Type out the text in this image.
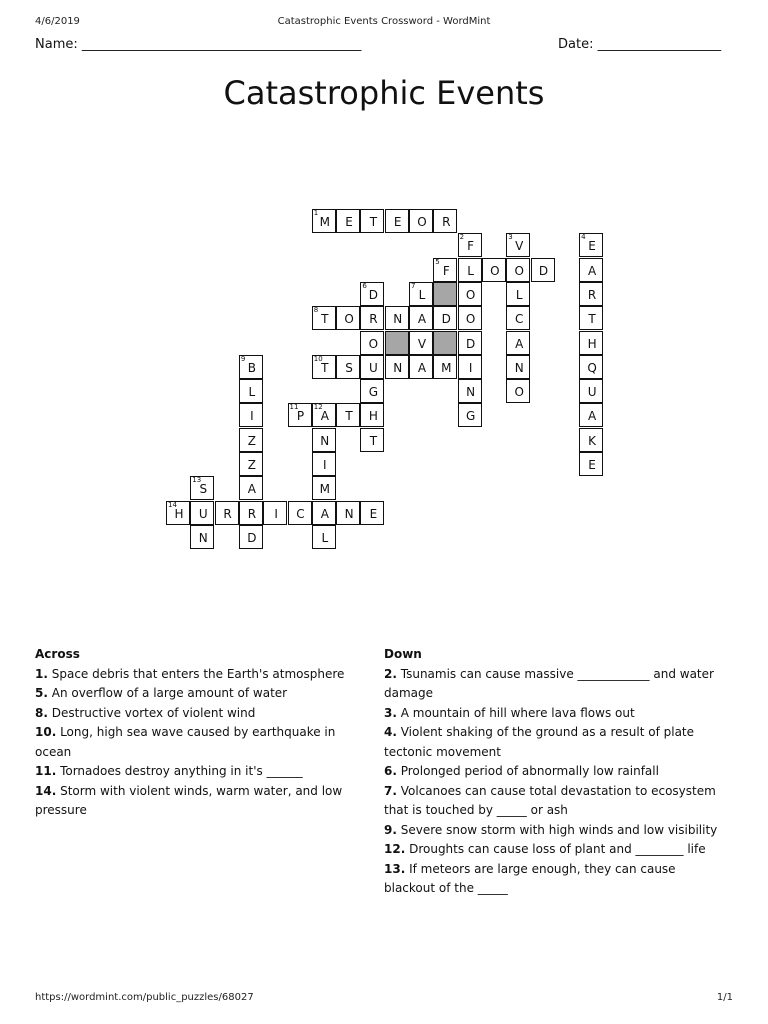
4/6/2019	Catastrophic Events Crossword - WordMint
Name: ___________________________________________	Date: ___________________
Catastrophic Events
1
M	E	T	E	O	R
2
F
3
V
4
E
5
F	L	O	O	D	A
6
D
7
L	O	L	R
8
T	O	R	N	A	D	O	C	T
O	V	D	A	H
9
B
10
T	S	U	N	A	M	I	N	Q
L	G	N	O	U
I
11
P
12
A	T	H	G	A
Z	N	T	K
Z	I	E
13
S	A	M
14
H	U	R	R	I	C	A	N	E
N	D	L
Across
1. Space debris that enters the Earth's atmosphere
5. An overflow of a large amount of water
8. Destructive vortex of violent wind
10. Long, high sea wave caused by earthquake in ocean
11. Tornadoes destroy anything in it's ______
14. Storm with violent winds, warm water, and low pressure
Down
2. Tsunamis can cause massive ____________ and water damage
3. A mountain of hill where lava flows out
4. Violent shaking of the ground as a result of plate tectonic movement
6. Prolonged period of abnormally low rainfall
7. Volcanoes can cause total devastation to ecosystem that is touched by _____ or ash
9. Severe snow storm with high winds and low visibility
12. Droughts can cause loss of plant and ________ life
13. If meteors are large enough, they can cause blackout of the _____
https://wordmint.com/public_puzzles/68027	1/1
